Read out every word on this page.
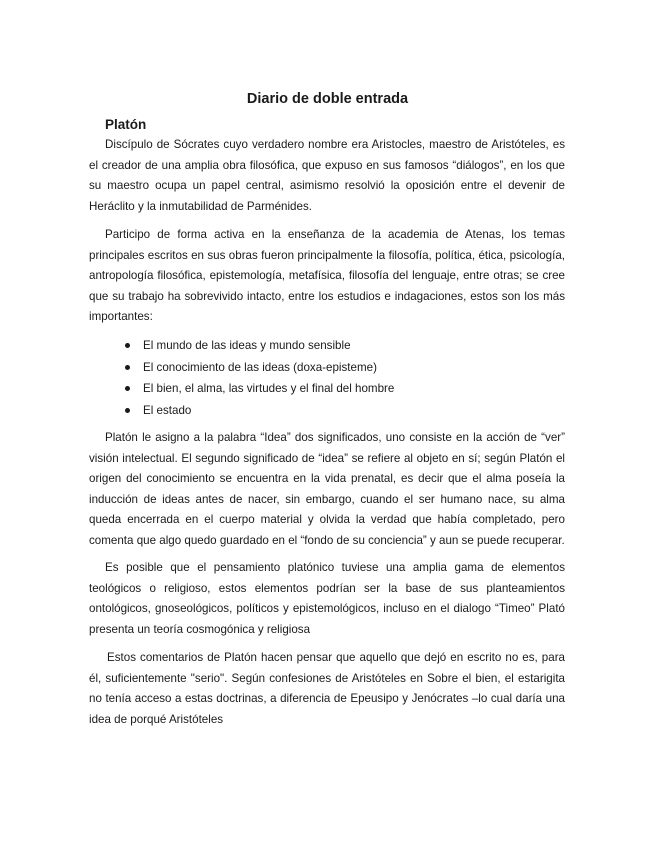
Diario de doble entrada
Platón

Discípulo de Sócrates cuyo verdadero nombre era Aristocles, maestro de Aristóteles, es el creador de una amplia obra filosófica, que expuso en sus famosos “diálogos”, en los que su maestro ocupa un papel central, asimismo resolvió la oposición entre el devenir de Heráclito y la inmutabilidad de Parménides.

Participo de forma activa en la enseñanza de la academia de Atenas, los temas principales escritos en sus obras fueron principalmente la filosofía, política, ética, psicología, antropología filosófica, epistemología, metafísica, filosofía del lenguaje, entre otras; se cree que su trabajo ha sobrevivido intacto, entre los estudios e indagaciones, estos son los más importantes:

El mundo de las ideas y mundo sensible
El conocimiento de las ideas (doxa-episteme)
El bien, el alma, las virtudes y el final del hombre
El estado

Platón le asigno a la palabra “Idea” dos significados, uno consiste en la acción de “ver” visión intelectual. El segundo significado de “idea” se refiere al objeto en sí; según Platón el origen del conocimiento se encuentra en la vida prenatal, es decir que el alma poseía la inducción de ideas antes de nacer, sin embargo, cuando el ser humano nace, su alma queda encerrada en el cuerpo material y olvida la verdad que había completado, pero comenta que algo quedo guardado en el “fondo de su conciencia” y aun se puede recuperar.

Es posible que el pensamiento platónico tuviese una amplia gama de elementos teológicos o religioso, estos elementos podrían ser la base de sus planteamientos ontológicos, gnoseológicos, políticos y epistemológicos, incluso en el dialogo “Timeo” Plató presenta un teoría cosmogónica y religiosa

Estos comentarios de Platón hacen pensar que aquello que dejó en escrito no es, para él, suficientemente "serio". Según confesiones de Aristóteles en Sobre el bien, el estarigita no tenía acceso a estas doctrinas, a diferencia de Epeusipo y Jenócrates –lo cual daría una idea de porqué Aristóteles
